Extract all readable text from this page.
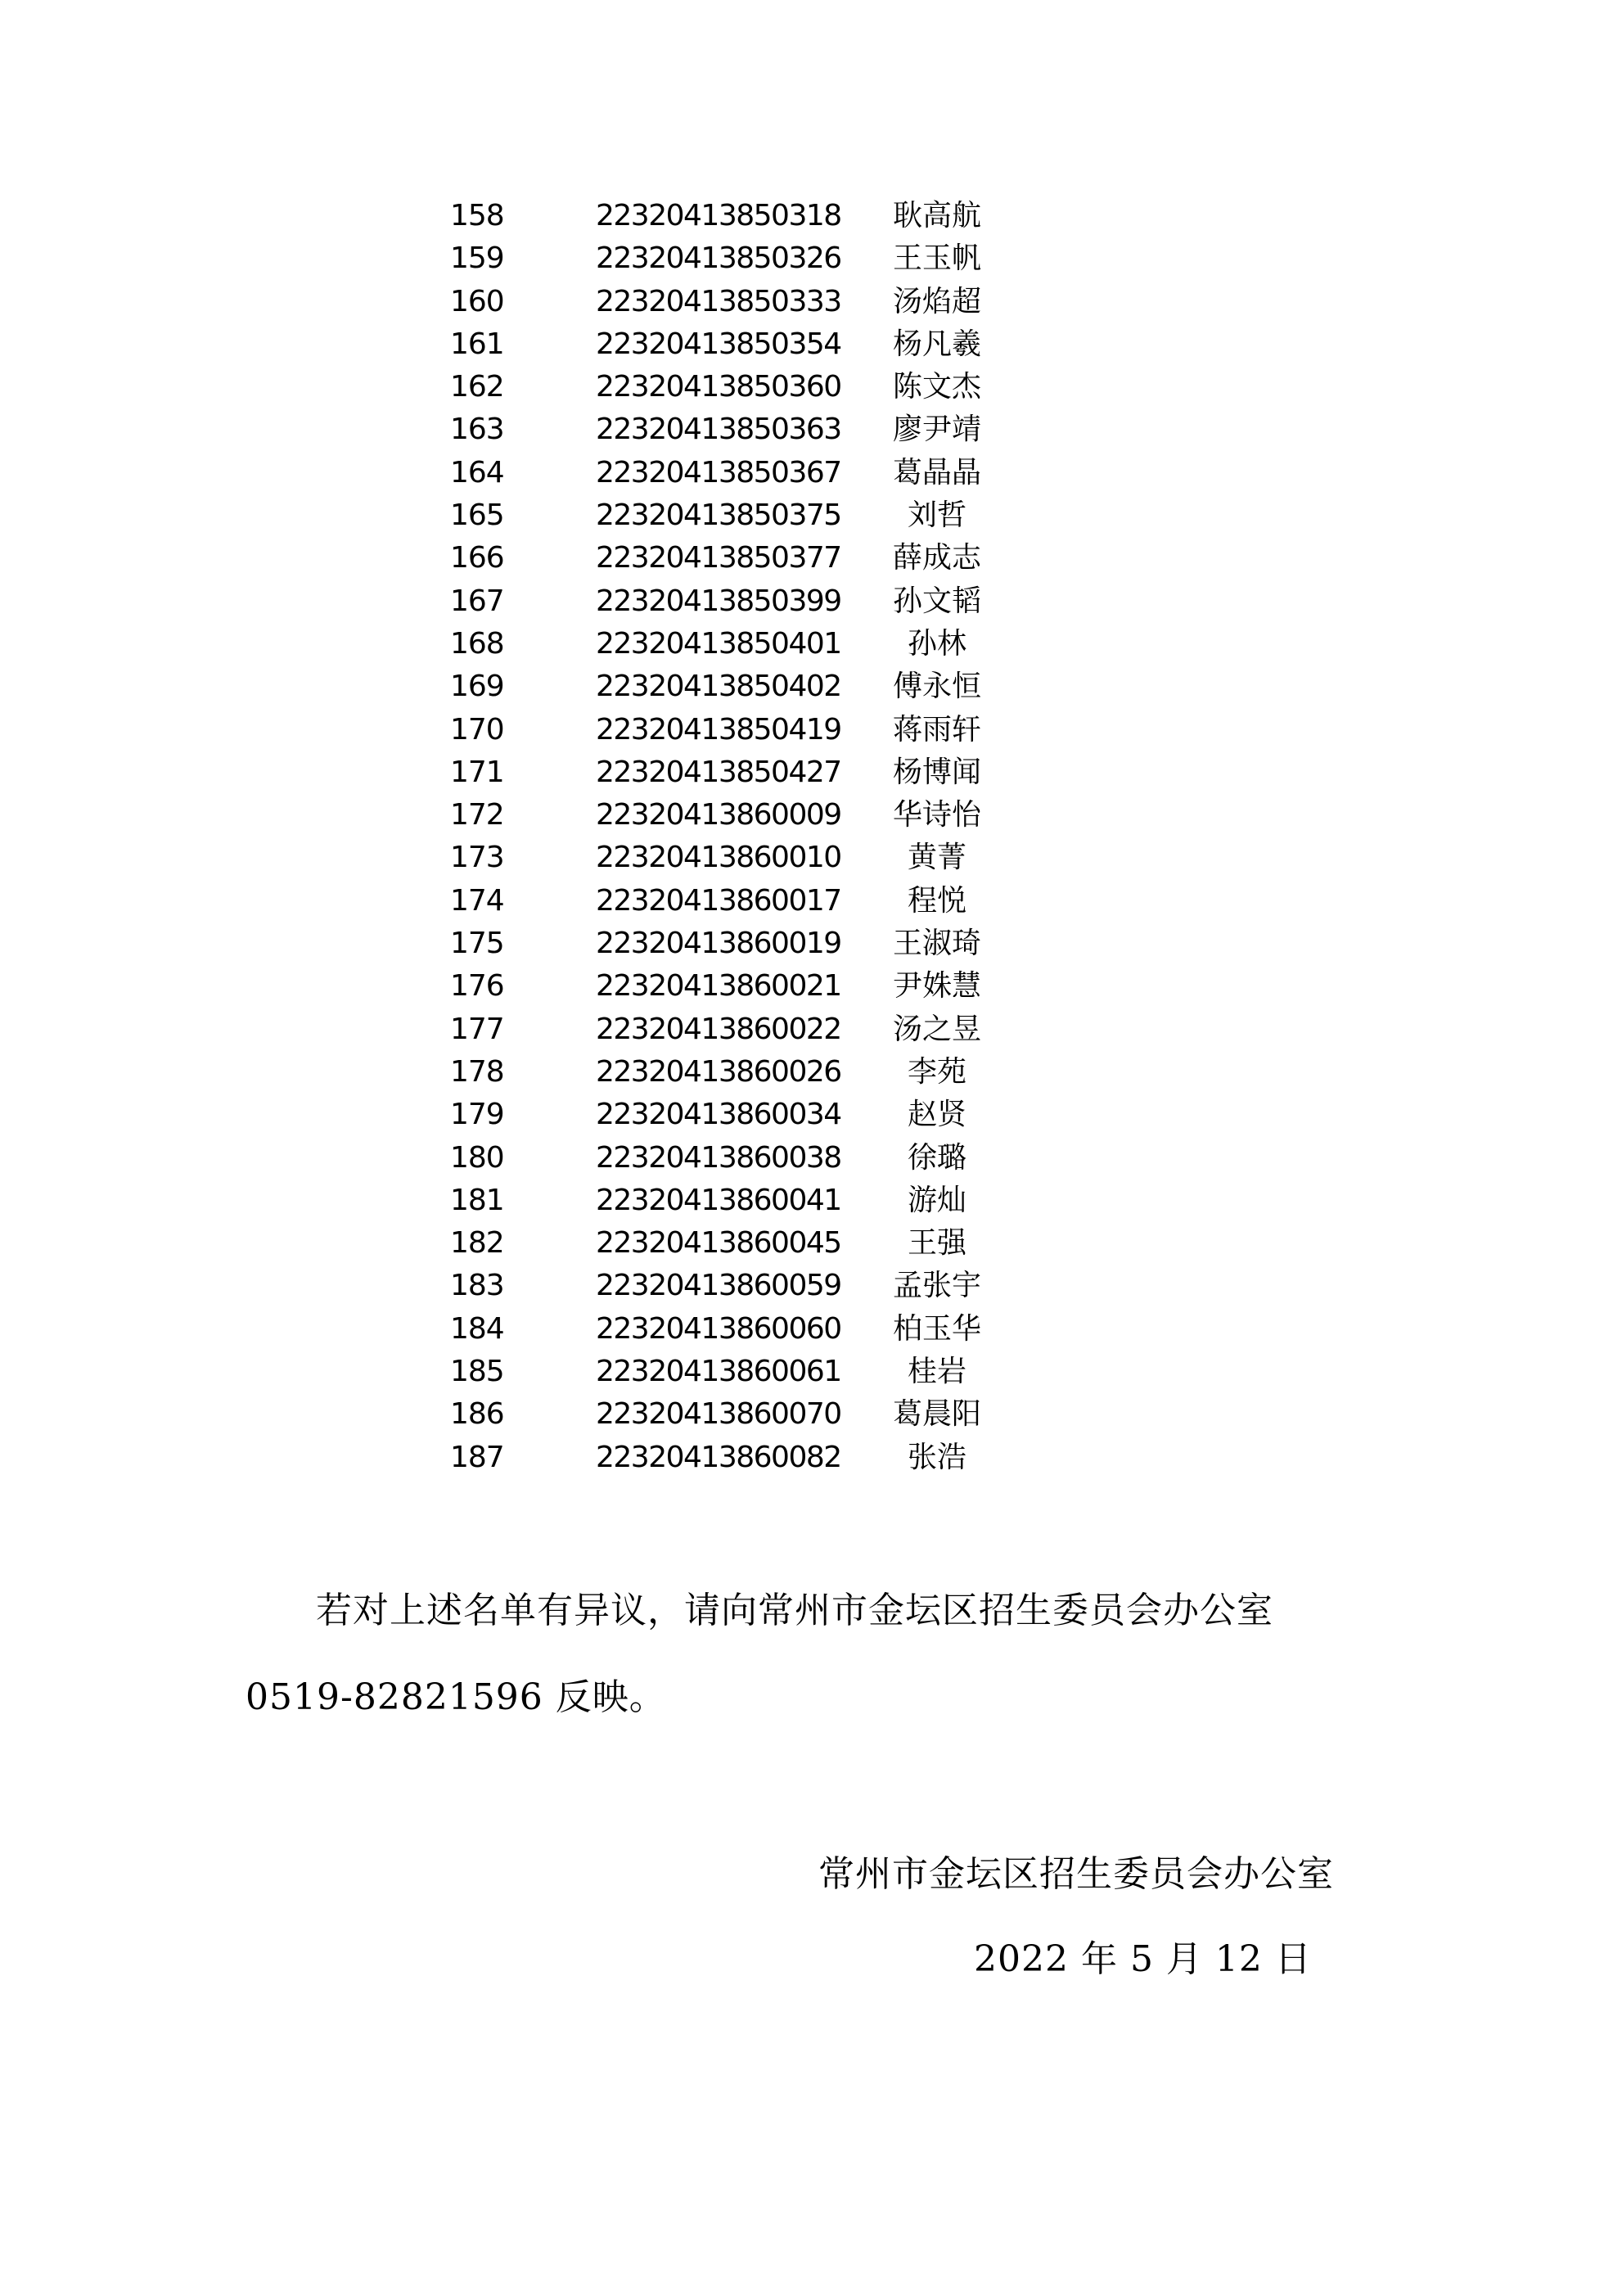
158	22320413850318	耿高航
159	22320413850326	王玉帆
160	22320413850333	汤焰超
161	22320413850354	杨凡羲
162	22320413850360	陈文杰
163	22320413850363	廖尹靖
164	22320413850367	葛晶晶
165	22320413850375	刘哲
166	22320413850377	薛成志
167	22320413850399	孙文韬
168	22320413850401	孙林
169	22320413850402	傅永恒
170	22320413850419	蒋雨轩
171	22320413850427	杨博闻
172	22320413860009	华诗怡
173	22320413860010	黄菁
174	22320413860017	程悦
175	22320413860019	王淑琦
176	22320413860021	尹姝慧
177	22320413860022	汤之昱
178	22320413860026	李苑
179	22320413860034	赵贤
180	22320413860038	徐璐
181	22320413860041	游灿
182	22320413860045	王强
183	22320413860059	孟张宇
184	22320413860060	柏玉华
185	22320413860061	桂岩
186	22320413860070	葛晨阳
187	22320413860082	张浩
若对上述名单有异议，请向常州市金坛区招生委员会办公室
0519-82821596 反映。
常州市金坛区招生委员会办公室
2022 年 5 月 12 日
